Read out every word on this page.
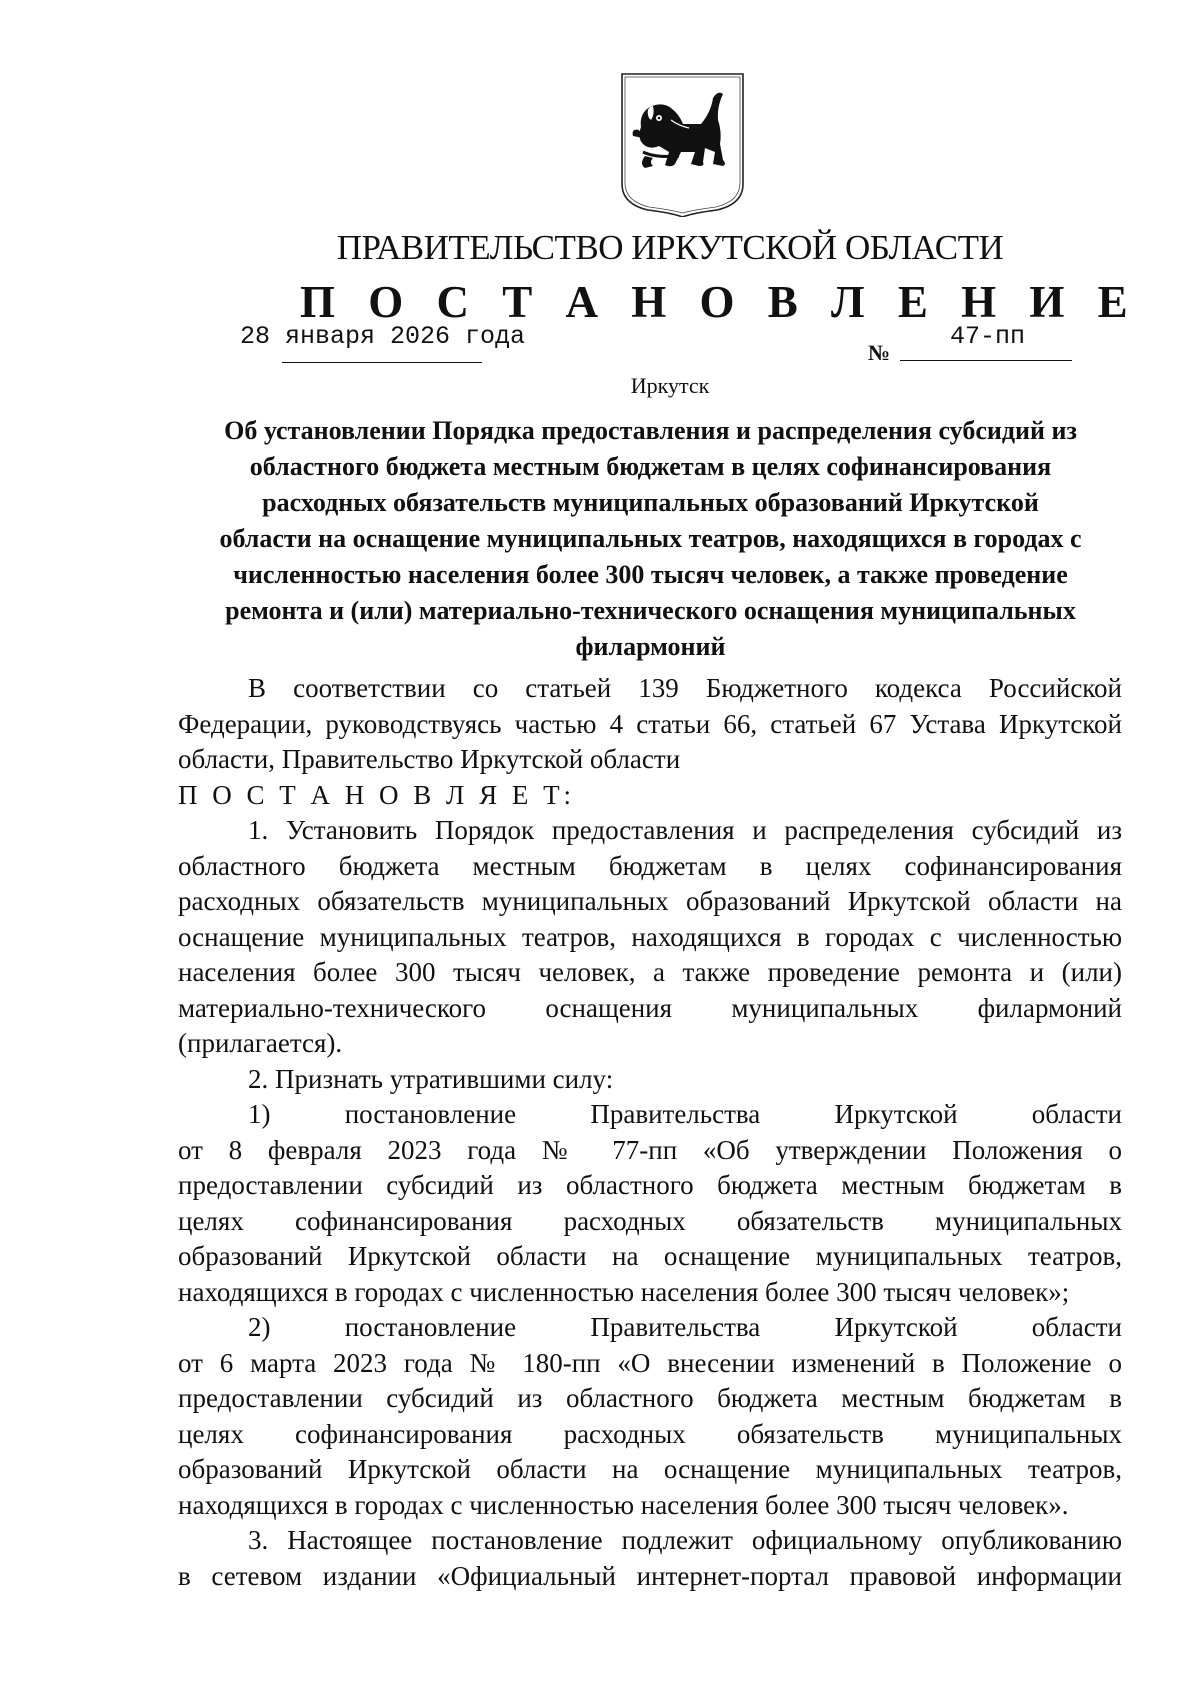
ПРАВИТЕЛЬСТВО ИРКУТСКОЙ ОБЛАСТИ
П О С Т А Н О В Л Е Н И Е
28 января 2026 года
№
47-пп
Иркутск
Об установлении Порядка предоставления и распределения субсидий из
областного бюджета местным бюджетам в целях софинансирования
расходных обязательств муниципальных образований Иркутской
области на оснащение муниципальных театров, находящихся в городах с
численностью населения более 300 тысяч человек, а также проведение
ремонта и (или) материально-технического оснащения муниципальных
филармоний

В соответствии со статьей 139 Бюджетного кодекса Российской
Федерации, руководствуясь частью 4 статьи 66, статьей 67 Устава Иркутской
области, Правительство Иркутской области

П О С Т А Н О В Л Я Е Т:

1. Установить Порядок предоставления и распределения субсидий из
областного бюджета местным бюджетам в целях софинансирования
расходных обязательств муниципальных образований Иркутской области на
оснащение муниципальных театров, находящихся в городах с численностью
населения более 300 тысяч человек, а также проведение ремонта и (или)
материально-технического оснащения муниципальных филармоний
(прилагается).

2. Признать утратившими силу:

1) постановление Правительства Иркутской области
от 8 февраля 2023 года № 77-пп «Об утверждении Положения о
предоставлении субсидий из областного бюджета местным бюджетам в
целях софинансирования расходных обязательств муниципальных
образований Иркутской области на оснащение муниципальных театров,
находящихся в городах с численностью населения более 300 тысяч человек»;

2) постановление Правительства Иркутской области
от 6 марта 2023 года № 180-пп «О внесении изменений в Положение о
предоставлении субсидий из областного бюджета местным бюджетам в
целях софинансирования расходных обязательств муниципальных
образований Иркутской области на оснащение муниципальных театров,
находящихся в городах с численностью населения более 300 тысяч человек».

3. Настоящее постановление подлежит официальному опубликованию
в сетевом издании «Официальный интернет-портал правовой информации
